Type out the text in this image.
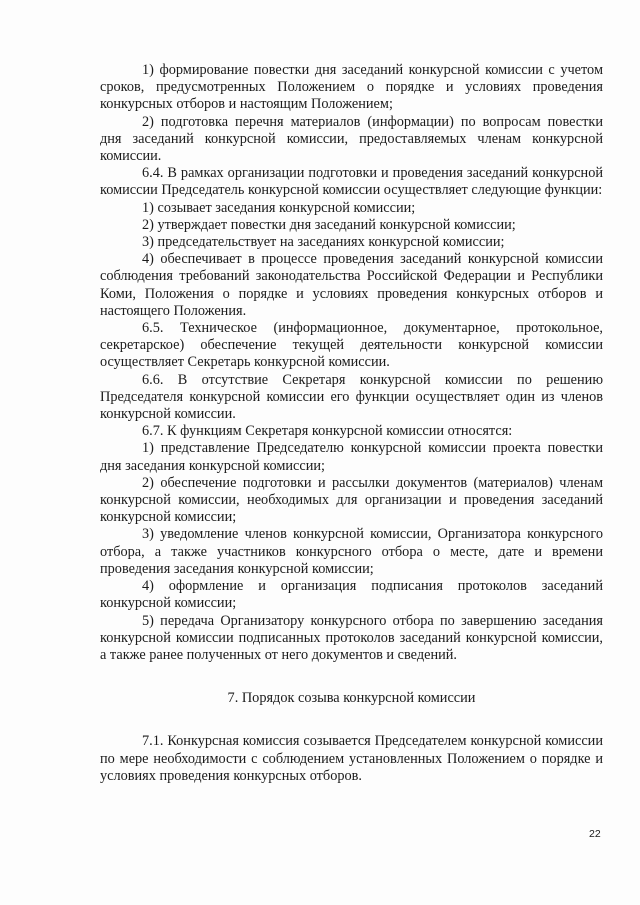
1) формирование повестки дня заседаний конкурсной комиссии с учетом сроков, предусмотренных Положением о порядке и условиях проведения конкурсных отборов и настоящим Положением;

2) подготовка перечня материалов (информации) по вопросам повестки дня заседаний конкурсной комиссии, предоставляемых членам конкурсной комиссии.

6.4. В рамках организации подготовки и проведения заседаний конкурсной комиссии Председатель конкурсной комиссии осуществляет следующие функции:

1) созывает заседания конкурсной комиссии;

2) утверждает повестки дня заседаний конкурсной комиссии;

3) председательствует на заседаниях конкурсной комиссии;

4) обеспечивает в процессе проведения заседаний конкурсной комиссии соблюдения требований законодательства Российской Федерации и Республики Коми, Положения о порядке и условиях проведения конкурсных отборов и настоящего Положения.

6.5. Техническое (информационное, документарное, протокольное, секретарское) обеспечение текущей деятельности конкурсной комиссии осуществляет Секретарь конкурсной комиссии.

6.6. В отсутствие Секретаря конкурсной комиссии по решению Председателя конкурсной комиссии его функции осуществляет один из членов конкурсной комиссии.

6.7. К функциям Секретаря конкурсной комиссии относятся:

1) представление Председателю конкурсной комиссии проекта повестки дня заседания конкурсной комиссии;

2) обеспечение подготовки и рассылки документов (материалов) членам конкурсной комиссии, необходимых для организации и проведения заседаний конкурсной комиссии;

3) уведомление членов конкурсной комиссии, Организатора конкурсного отбора, а также участников конкурсного отбора о месте, дате и времени проведения заседания конкурсной комиссии;

4) оформление и организация подписания протоколов заседаний конкурсной комиссии;

5) передача Организатору конкурсного отбора по завершению заседания конкурсной комиссии подписанных протоколов заседаний конкурсной комиссии, а также ранее полученных от него документов и сведений.

7. Порядок созыва конкурсной комиссии

7.1. Конкурсная комиссия созывается Председателем конкурсной комиссии по мере необходимости с соблюдением установленных Положением о порядке и условиях проведения конкурсных отборов.

22
